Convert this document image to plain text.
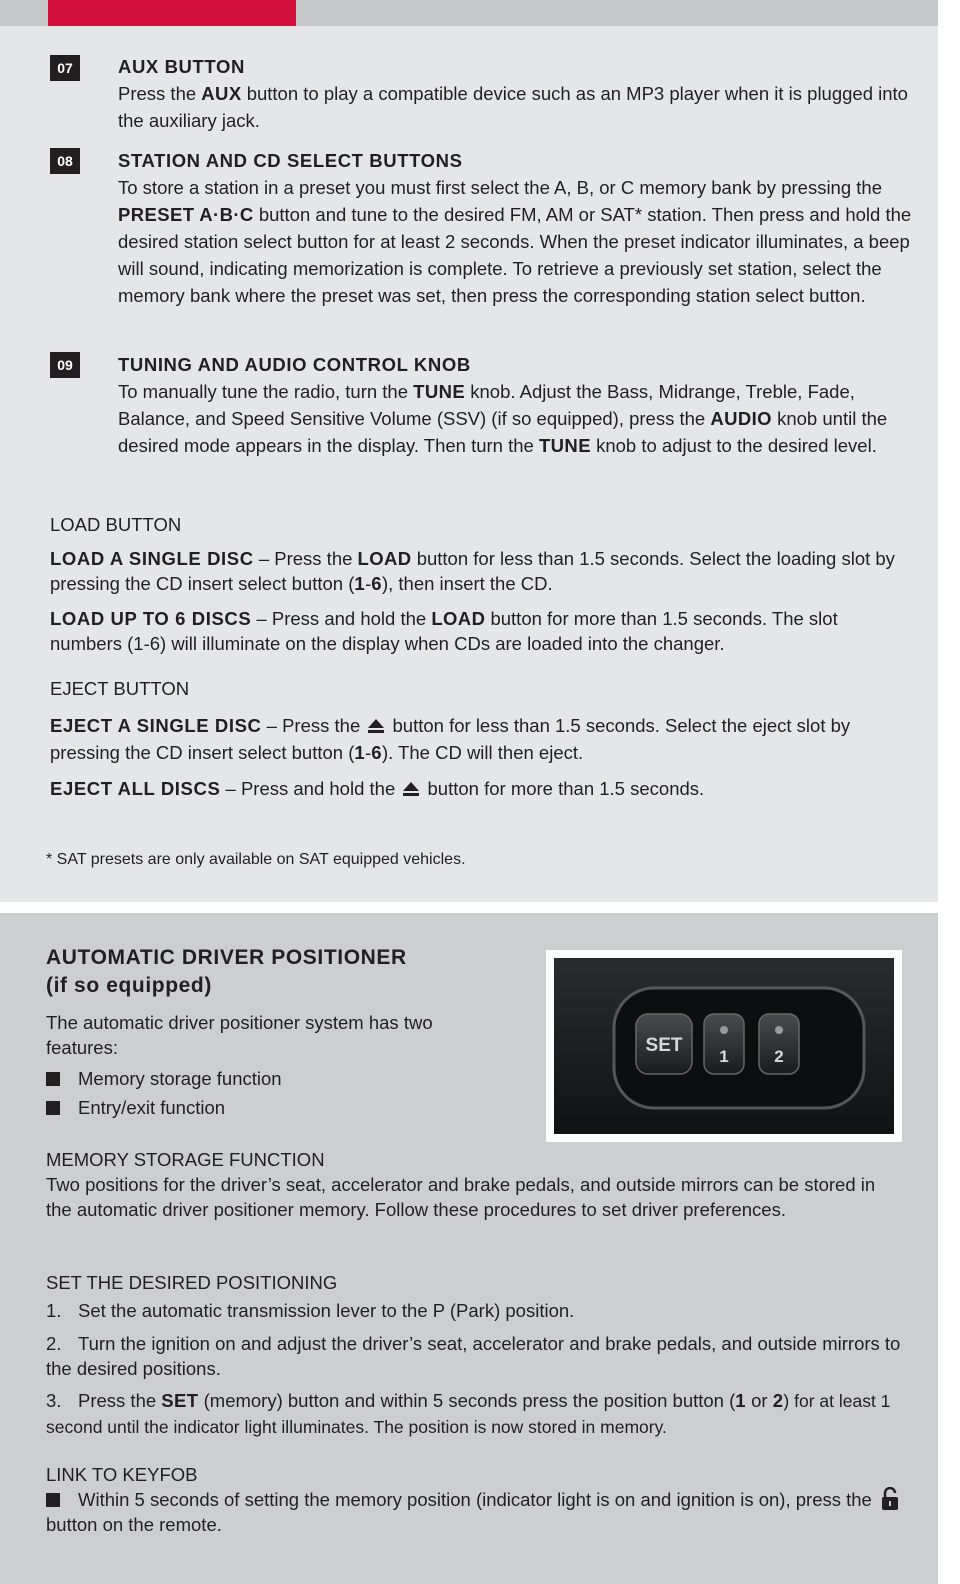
07	AUX BUTTON
Press the AUX button to play a compatible device such as an MP3 player when it is plugged into the auxiliary jack.
08	STATION AND CD SELECT BUTTONS
To store a station in a preset you must first select the A, B, or C memory bank by pressing the PRESET A·B·C button and tune to the desired FM, AM or SAT* station. Then press and hold the desired station select button for at least 2 seconds. When the preset indicator illuminates, a beep will sound, indicating memorization is complete. To retrieve a previously set station, select the memory bank where the preset was set, then press the corresponding station select button.
09	TUNING AND AUDIO CONTROL KNOB
To manually tune the radio, turn the TUNE knob. Adjust the Bass, Midrange, Treble, Fade, Balance, and Speed Sensitive Volume (SSV) (if so equipped), press the AUDIO knob until the desired mode appears in the display. Then turn the TUNE knob to adjust to the desired level.
LOAD BUTTON
LOAD A SINGLE DISC – Press the LOAD button for less than 1.5 seconds. Select the loading slot by pressing the CD insert select button (1-6), then insert the CD.
LOAD UP TO 6 DISCS – Press and hold the LOAD button for more than 1.5 seconds. The slot numbers (1-6) will illuminate on the display when CDs are loaded into the changer.
EJECT BUTTON
EJECT A SINGLE DISC – Press the  button for less than 1.5 seconds. Select the eject slot by pressing the CD insert select button (1-6). The CD will then eject.
EJECT ALL DISCS – Press and hold the  button for more than 1.5 seconds.
* SAT presets are only available on SAT equipped vehicles.
AUTOMATIC DRIVER POSITIONER
(if so equipped)
The automatic driver positioner system has two features:
Memory storage function
Entry/exit function
SET
1	2
MEMORY STORAGE FUNCTION
Two positions for the driver’s seat, accelerator and brake pedals, and outside mirrors can be stored in the automatic driver positioner memory. Follow these procedures to set driver preferences.
SET THE DESIRED POSITIONING
1. Set the automatic transmission lever to the P (Park) position.
2. Turn the ignition on and adjust the driver’s seat, accelerator and brake pedals, and outside mirrors to the desired positions.
3. Press the SET (memory) button and within 5 seconds press the position button (1 or 2) for at least 1 second until the indicator light illuminates. The position is now stored in memory.
LINK TO KEYFOB
Within 5 seconds of setting the memory position (indicator light is on and ignition is on), press the  button on the remote.
